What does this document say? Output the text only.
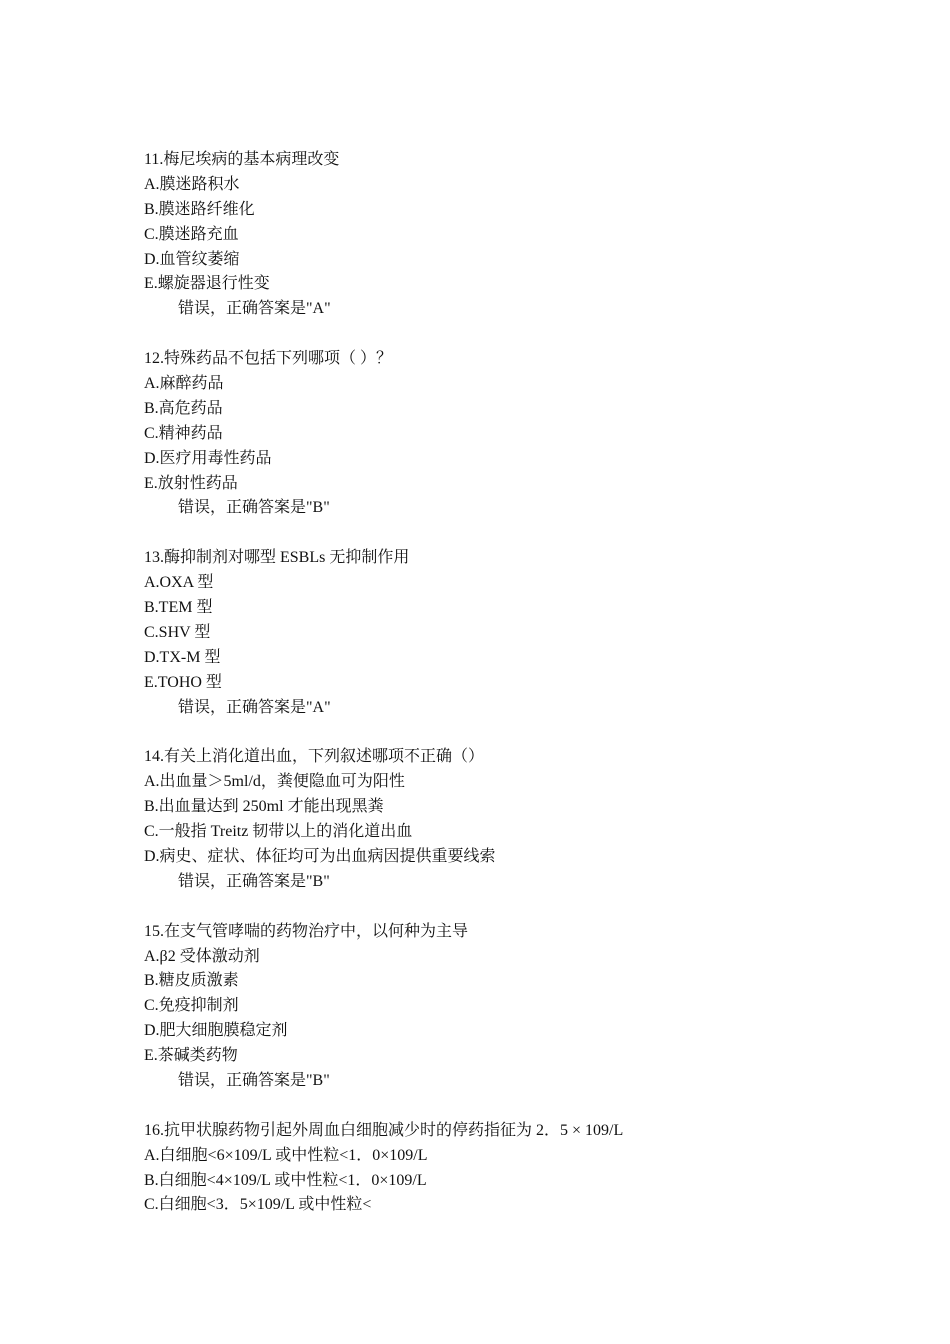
11.梅尼埃病的基本病理改变
A.膜迷路积水
B.膜迷路纤维化
C.膜迷路充血
D.血管纹萎缩
E.螺旋器退行性变
错误，正确答案是"A"
12.特殊药品不包括下列哪项（ ）？
A.麻醉药品
B.高危药品
C.精神药品
D.医疗用毒性药品
E.放射性药品
错误，正确答案是"B"
13.酶抑制剂对哪型 ESBLs 无抑制作用
A.OXA 型
B.TEM 型
C.SHV 型
D.TX-M 型
E.TOHO 型
错误，正确答案是"A"
14.有关上消化道出血，下列叙述哪项不正确（）
A.出血量＞5ml/d，粪便隐血可为阳性
B.出血量达到 250ml 才能出现黑粪
C.一般指 Treitz 韧带以上的消化道出血
D.病史、症状、体征均可为出血病因提供重要线索
错误，正确答案是"B"
15.在支气管哮喘的药物治疗中，以何种为主导
A.β2 受体激动剂
B.糖皮质激素
C.免疫抑制剂
D.肥大细胞膜稳定剂
E.茶碱类药物
错误，正确答案是"B"
16.抗甲状腺药物引起外周血白细胞减少时的停药指征为 2．5 × 109/L
A.白细胞<6×109/L 或中性粒<1．0×109/L
B.白细胞<4×109/L 或中性粒<1．0×109/L
C.白细胞<3．5×109/L 或中性粒<
